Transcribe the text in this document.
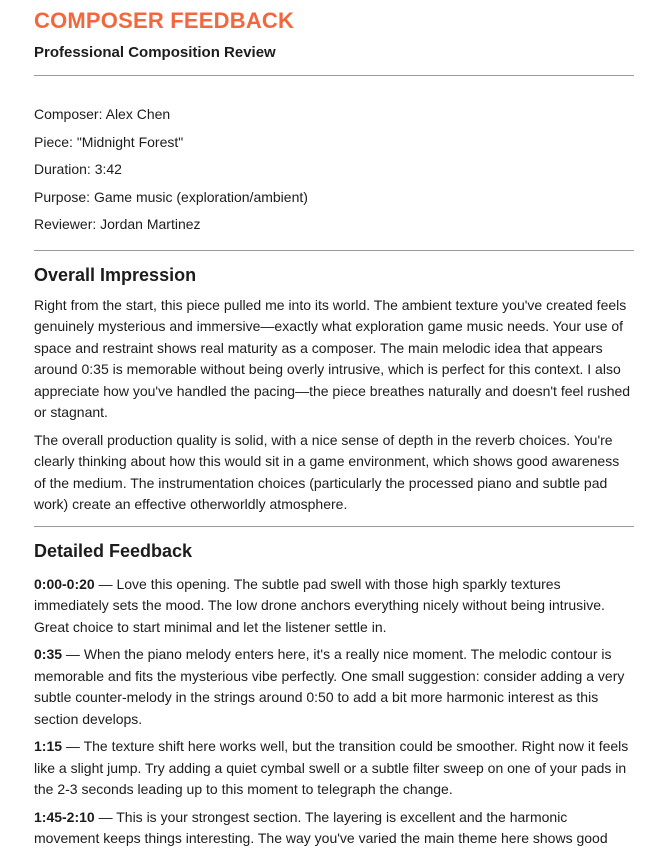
COMPOSER FEEDBACK
Professional Composition Review

Composer: Alex Chen

Piece: "Midnight Forest"

Duration: 3:42

Purpose: Game music (exploration/ambient)

Reviewer: Jordan Martinez

Overall Impression

Right from the start, this piece pulled me into its world. The ambient texture you've created feels genuinely mysterious and immersive—exactly what exploration game music needs. Your use of space and restraint shows real maturity as a composer. The main melodic idea that appears around 0:35 is memorable without being overly intrusive, which is perfect for this context. I also appreciate how you've handled the pacing—the piece breathes naturally and doesn't feel rushed or stagnant.

The overall production quality is solid, with a nice sense of depth in the reverb choices. You're clearly thinking about how this would sit in a game environment, which shows good awareness of the medium. The instrumentation choices (particularly the processed piano and subtle pad work) create an effective otherworldly atmosphere.

Detailed Feedback

0:00-0:20 — Love this opening. The subtle pad swell with those high sparkly textures immediately sets the mood. The low drone anchors everything nicely without being intrusive. Great choice to start minimal and let the listener settle in.

0:35 — When the piano melody enters here, it's a really nice moment. The melodic contour is memorable and fits the mysterious vibe perfectly. One small suggestion: consider adding a very subtle counter-melody in the strings around 0:50 to add a bit more harmonic interest as this section develops.

1:15 — The texture shift here works well, but the transition could be smoother. Right now it feels like a slight jump. Try adding a quiet cymbal swell or a subtle filter sweep on one of your pads in the 2-3 seconds leading up to this moment to telegraph the change.

1:45-2:10 — This is your strongest section. The layering is excellent and the harmonic movement keeps things interesting. The way you've varied the main theme here shows good
